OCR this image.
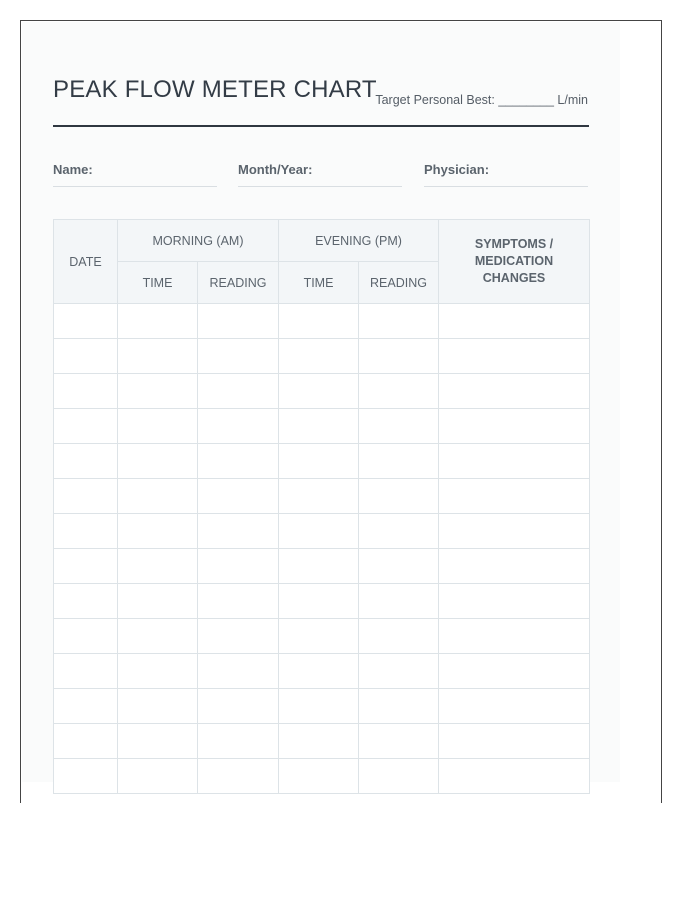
PEAK FLOW METER CHART
Target Personal Best: ________ L/min
Name:	Month/Year:	Physician:
DATE	MORNING (AM)		EVENING (PM)		SYMPTOMS /
MEDICATION
CHANGES

	TIME	READING	TIME	READING	
